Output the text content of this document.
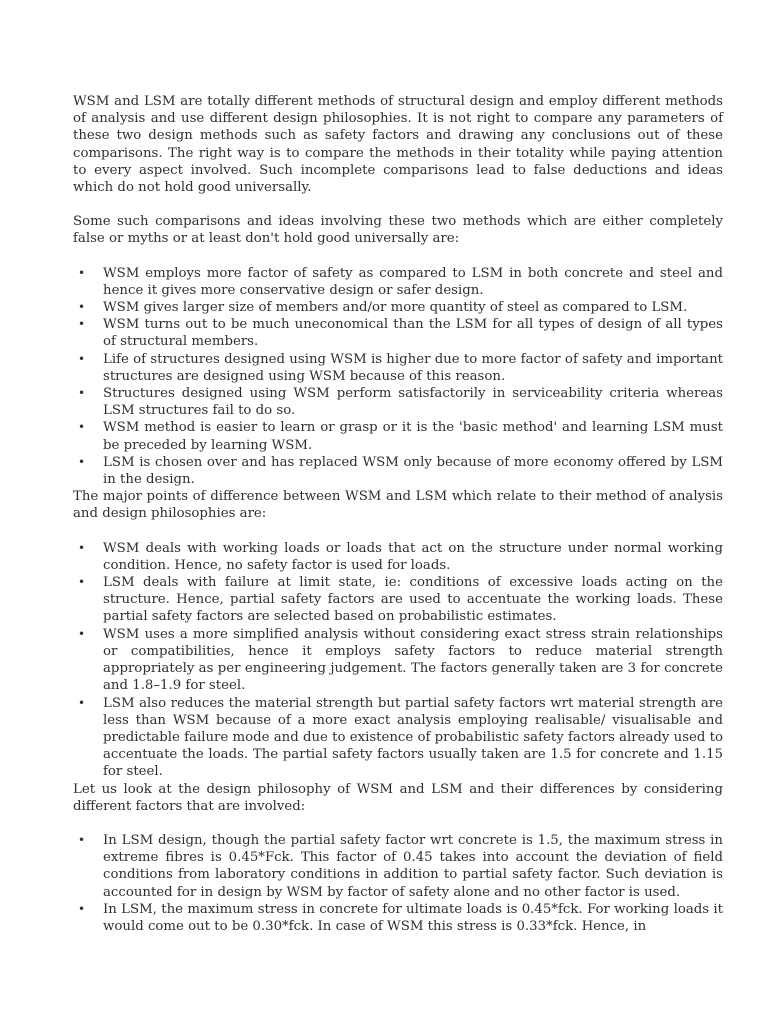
WSM and LSM are totally different methods of structural design and employ different methods of analysis and use different design philosophies. It is not right to compare any parameters of these two design methods such as safety factors and drawing any conclusions out of these comparisons. The right way is to compare the methods in their totality while paying attention to every aspect involved. Such incomplete comparisons lead to false deductions and ideas which do not hold good universally.

Some such comparisons and ideas involving these two methods which are either completely false or myths or at least don't hold good universally are:

• WSM employs more factor of safety as compared to LSM in both concrete and steel and hence it gives more conservative design or safer design.
• WSM gives larger size of members and/or more quantity of steel as compared to LSM.
• WSM turns out to be much uneconomical than the LSM for all types of design of all types of structural members.
• Life of structures designed using WSM is higher due to more factor of safety and important structures are designed using WSM because of this reason.
• Structures designed using WSM perform satisfactorily in serviceability criteria whereas LSM structures fail to do so.
• WSM method is easier to learn or grasp or it is the 'basic method' and learning LSM must be preceded by learning WSM.
• LSM is chosen over and has replaced WSM only because of more economy offered by LSM in the design.

The major points of difference between WSM and LSM which relate to their method of analysis and design philosophies are:

• WSM deals with working loads or loads that act on the structure under normal working condition. Hence, no safety factor is used for loads.
• LSM deals with failure at limit state, ie: conditions of excessive loads acting on the structure. Hence, partial safety factors are used to accentuate the working loads. These partial safety factors are selected based on probabilistic estimates.
• WSM uses a more simplified analysis without considering exact stress strain relationships or compatibilities, hence it employs safety factors to reduce material strength appropriately as per engineering judgement. The factors generally taken are 3 for concrete and 1.8–1.9 for steel.
• LSM also reduces the material strength but partial safety factors wrt material strength are less than WSM because of a more exact analysis employing realisable/ visualisable and predictable failure mode and due to existence of probabilistic safety factors already used to accentuate the loads. The partial safety factors usually taken are 1.5 for concrete and 1.15 for steel.

Let us look at the design philosophy of WSM and LSM and their differences by considering different factors that are involved:

• In LSM design, though the partial safety factor wrt concrete is 1.5, the maximum stress in extreme fibres is 0.45*Fck. This factor of 0.45 takes into account the deviation of field conditions from laboratory conditions in addition to partial safety factor. Such deviation is accounted for in design by WSM by factor of safety alone and no other factor is used.
• In LSM, the maximum stress in concrete for ultimate loads is 0.45*fck. For working loads it would come out to be 0.30*fck. In case of WSM this stress is 0.33*fck. Hence, in
